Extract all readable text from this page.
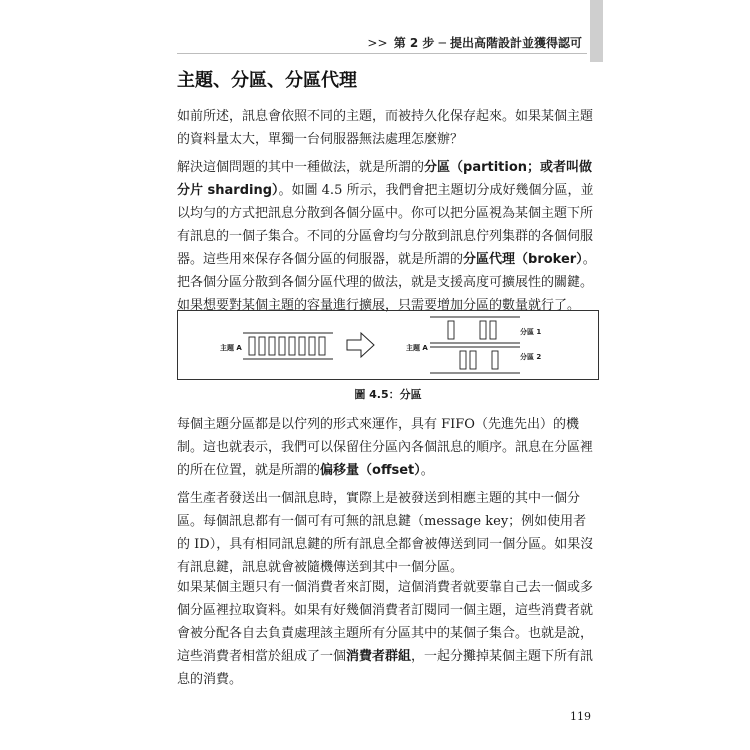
>> 第 2 步 ─ 提出高階設計並獲得認可
主題、分區、分區代理

如前所述，訊息會依照不同的主題，而被持久化保存起來。如果某個主題的資料量太大，單獨一台伺服器無法處理怎麼辦？

解決這個問題的其中一種做法，就是所謂的分區（partition；或者叫做分片 sharding）。如圖 4.5 所示，我們會把主題切分成好幾個分區，並以均勻的方式把訊息分散到各個分區中。你可以把分區視為某個主題下所有訊息的一個子集合。不同的分區會均勻分散到訊息佇列集群的各個伺服器。這些用來保存各個分區的伺服器，就是所謂的分區代理（broker）。把各個分區分散到各個分區代理的做法，就是支援高度可擴展性的關鍵。如果想要對某個主題的容量進行擴展，只需要增加分區的數量就行了。

主題 A	主題 A
分區 1
分區 2
圖 4.5：分區

每個主題分區都是以佇列的形式來運作，具有 FIFO（先進先出）的機制。這也就表示，我們可以保留住分區內各個訊息的順序。訊息在分區裡的所在位置，就是所謂的偏移量（offset）。

當生產者發送出一個訊息時，實際上是被發送到相應主題的其中一個分區。每個訊息都有一個可有可無的訊息鍵（message key；例如使用者的 ID），具有相同訊息鍵的所有訊息全都會被傳送到同一個分區。如果沒有訊息鍵，訊息就會被隨機傳送到其中一個分區。

如果某個主題只有一個消費者來訂閱，這個消費者就要靠自己去一個或多個分區裡拉取資料。如果有好幾個消費者訂閱同一個主題，這些消費者就會被分配各自去負責處理該主題所有分區其中的某個子集合。也就是說，這些消費者相當於組成了一個消費者群組，一起分攤掉某個主題下所有訊息的消費。

119
